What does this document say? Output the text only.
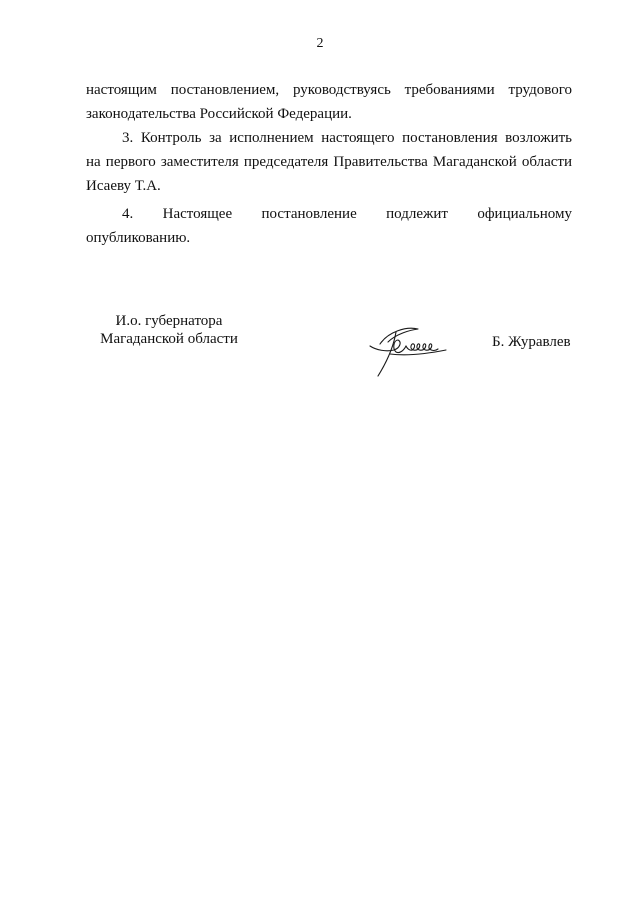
2

настоящим постановлением, руководствуясь требованиями трудового

законодательства Российской Федерации.

3. Контроль за исполнением настоящего постановления возложить

на первого заместителя председателя Правительства Магаданской области

Исаеву Т.А.

4. Настоящее постановление подлежит официальному

опубликованию.

И.о. губернатора
Магаданской области	Б. Журавлев
